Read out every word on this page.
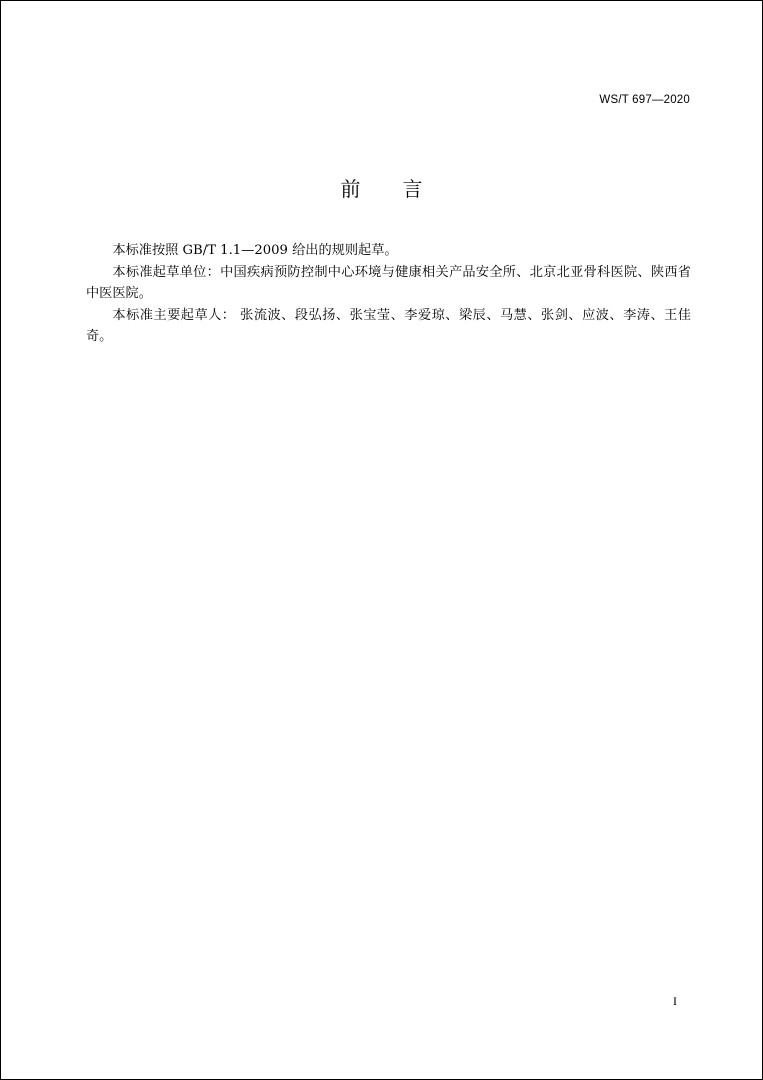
WS/T 697—2020
前 言

本标准按照 GB/T 1.1—2009 给出的规则起草。

本标准起草单位：中国疾病预防控制中心环境与健康相关产品安全所、北京北亚骨科医院、陕西省中医医院。

本标准主要起草人： 张流波、段弘扬、张宝莹、李爱琼、梁辰、马慧、张剑、应波、李涛、王佳奇。

I
